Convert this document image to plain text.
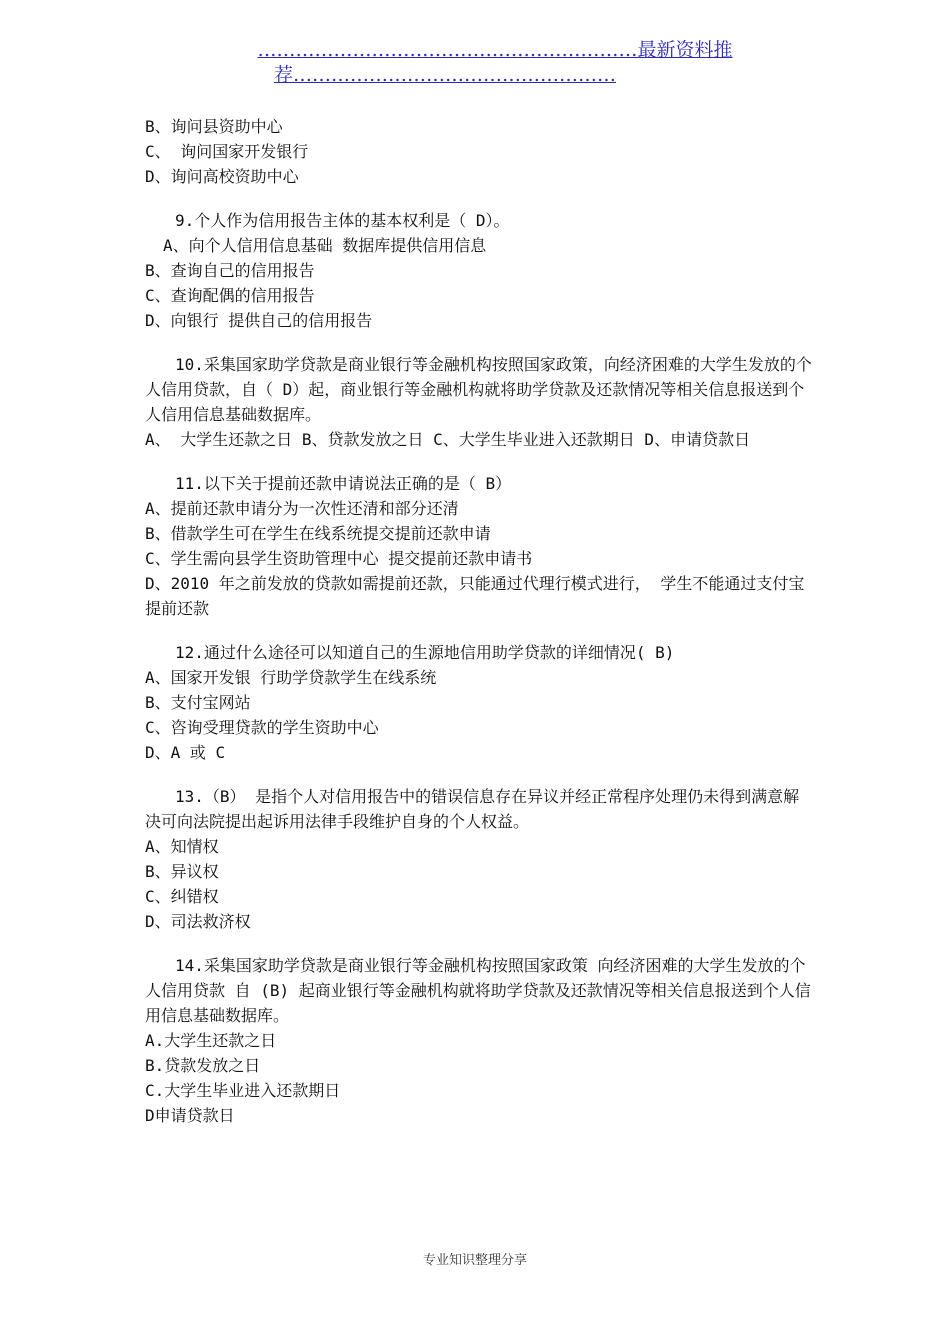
……………………………………………………最新资料推
荐……………………………………………
B、询问县资助中心
C、 询问国家开发银行
D、询问高校资助中心
9.个人作为信用报告主体的基本权利是（ D）。
A、向个人信用信息基础 数据库提供信用信息
B、查询自己的信用报告
C、查询配偶的信用报告
D、向银行 提供自己的信用报告
10.采集国家助学贷款是商业银行等金融机构按照国家政策，向经济困难的大学生发放的个人信用贷款，自（ D）起，商业银行等金融机构就将助学贷款及还款情况等相关信息报送到个人信用信息基础数据库。
A、 大学生还款之日 B、贷款发放之日 C、大学生毕业进入还款期日 D、申请贷款日
11.以下关于提前还款申请说法正确的是（ B）
A、提前还款申请分为一次性还清和部分还清
B、借款学生可在学生在线系统提交提前还款申请
C、学生需向县学生资助管理中心 提交提前还款申请书
D、2010 年之前发放的贷款如需提前还款，只能通过代理行模式进行， 学生不能通过支付宝提前还款
12.通过什么途径可以知道自己的生源地信用助学贷款的详细情况( B)
A、国家开发银 行助学贷款学生在线系统
B、支付宝网站
C、咨询受理贷款的学生资助中心
D、A 或 C
13.（B） 是指个人对信用报告中的错误信息存在异议并经正常程序处理仍未得到满意解决可向法院提出起诉用法律手段维护自身的个人权益。
A、知情权
B、异议权
C、纠错权
D、司法救济权
14.采集国家助学贷款是商业银行等金融机构按照国家政策 向经济困难的大学生发放的个人信用贷款 自 (B) 起商业银行等金融机构就将助学贷款及还款情况等相关信息报送到个人信用信息基础数据库。
A.大学生还款之日
B.贷款发放之日
C.大学生毕业进入还款期日
D申请贷款日
专业知识整理分享
